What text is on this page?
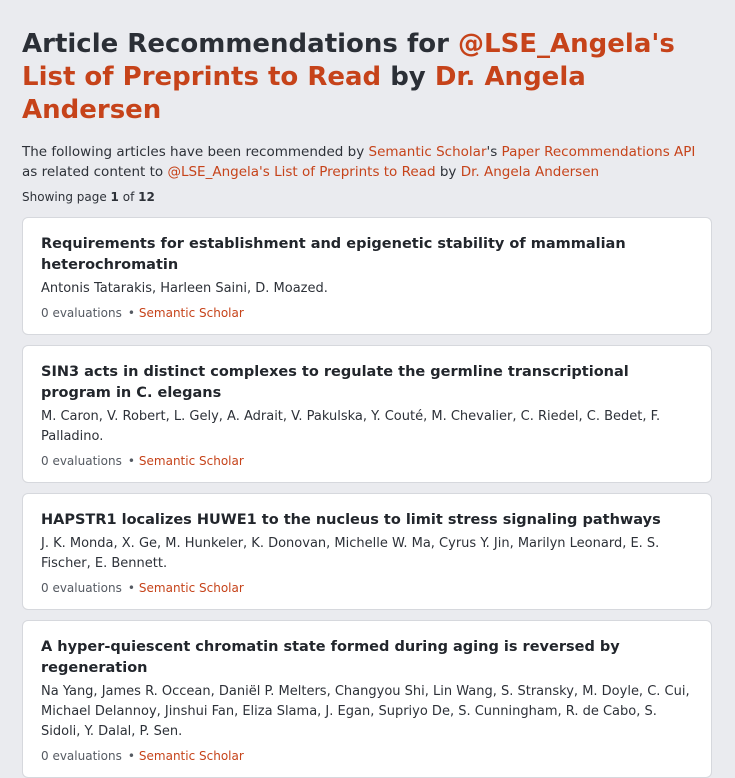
Article Recommendations for @LSE_Angela's List of Preprints to Read by Dr. Angela Andersen
The following articles have been recommended by Semantic Scholar's Paper Recommendations API as related content to @LSE_Angela's List of Preprints to Read by Dr. Angela Andersen
Showing page 1 of 12
Requirements for establishment and epigenetic stability of mammalian heterochromatin
Antonis Tatarakis, Harleen Saini, D. Moazed.
0 evaluations • Semantic Scholar
SIN3 acts in distinct complexes to regulate the germline transcriptional program in C. elegans
M. Caron, V. Robert, L. Gely, A. Adrait, V. Pakulska, Y. Couté, M. Chevalier, C. Riedel, C. Bedet, F. Palladino.
0 evaluations • Semantic Scholar
HAPSTR1 localizes HUWE1 to the nucleus to limit stress signaling pathways
J. K. Monda, X. Ge, M. Hunkeler, K. Donovan, Michelle W. Ma, Cyrus Y. Jin, Marilyn Leonard, E. S. Fischer, E. Bennett.
0 evaluations • Semantic Scholar
A hyper-quiescent chromatin state formed during aging is reversed by regeneration
Na Yang, James R. Occean, Daniël P. Melters, Changyou Shi, Lin Wang, S. Stransky, M. Doyle, C. Cui, Michael Delannoy, Jinshui Fan, Eliza Slama, J. Egan, Supriyo De, S. Cunningham, R. de Cabo, S. Sidoli, Y. Dalal, P. Sen.
0 evaluations • Semantic Scholar
